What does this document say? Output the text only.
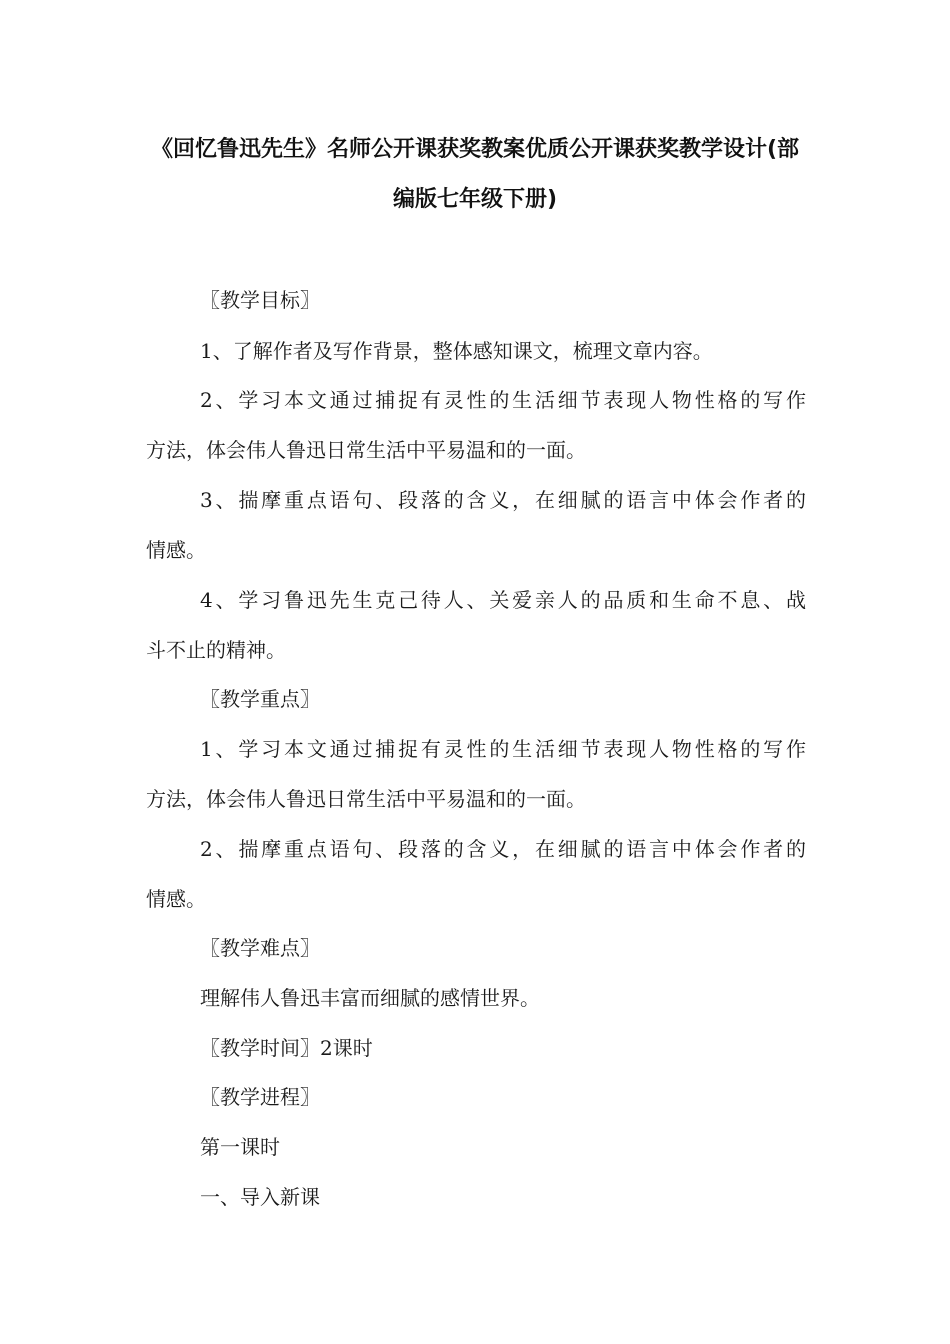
《回忆鲁迅先生》名师公开课获奖教案优质公开课获奖教学设计(部
编版七年级下册)
〖教学目标〗
1、了解作者及写作背景，整体感知课文，梳理文章内容。
2、学习本文通过捕捉有灵性的生活细节表现人物性格的写作
方法，体会伟人鲁迅日常生活中平易温和的一面。
3、揣摩重点语句、段落的含义，在细腻的语言中体会作者的
情感。
4、学习鲁迅先生克己待人、关爱亲人的品质和生命不息、战
斗不止的精神。
〖教学重点〗
1、学习本文通过捕捉有灵性的生活细节表现人物性格的写作
方法，体会伟人鲁迅日常生活中平易温和的一面。
2、揣摩重点语句、段落的含义，在细腻的语言中体会作者的
情感。
〖教学难点〗
理解伟人鲁迅丰富而细腻的感情世界。
〖教学时间〗2课时
〖教学进程〗
第一课时
一、导入新课
